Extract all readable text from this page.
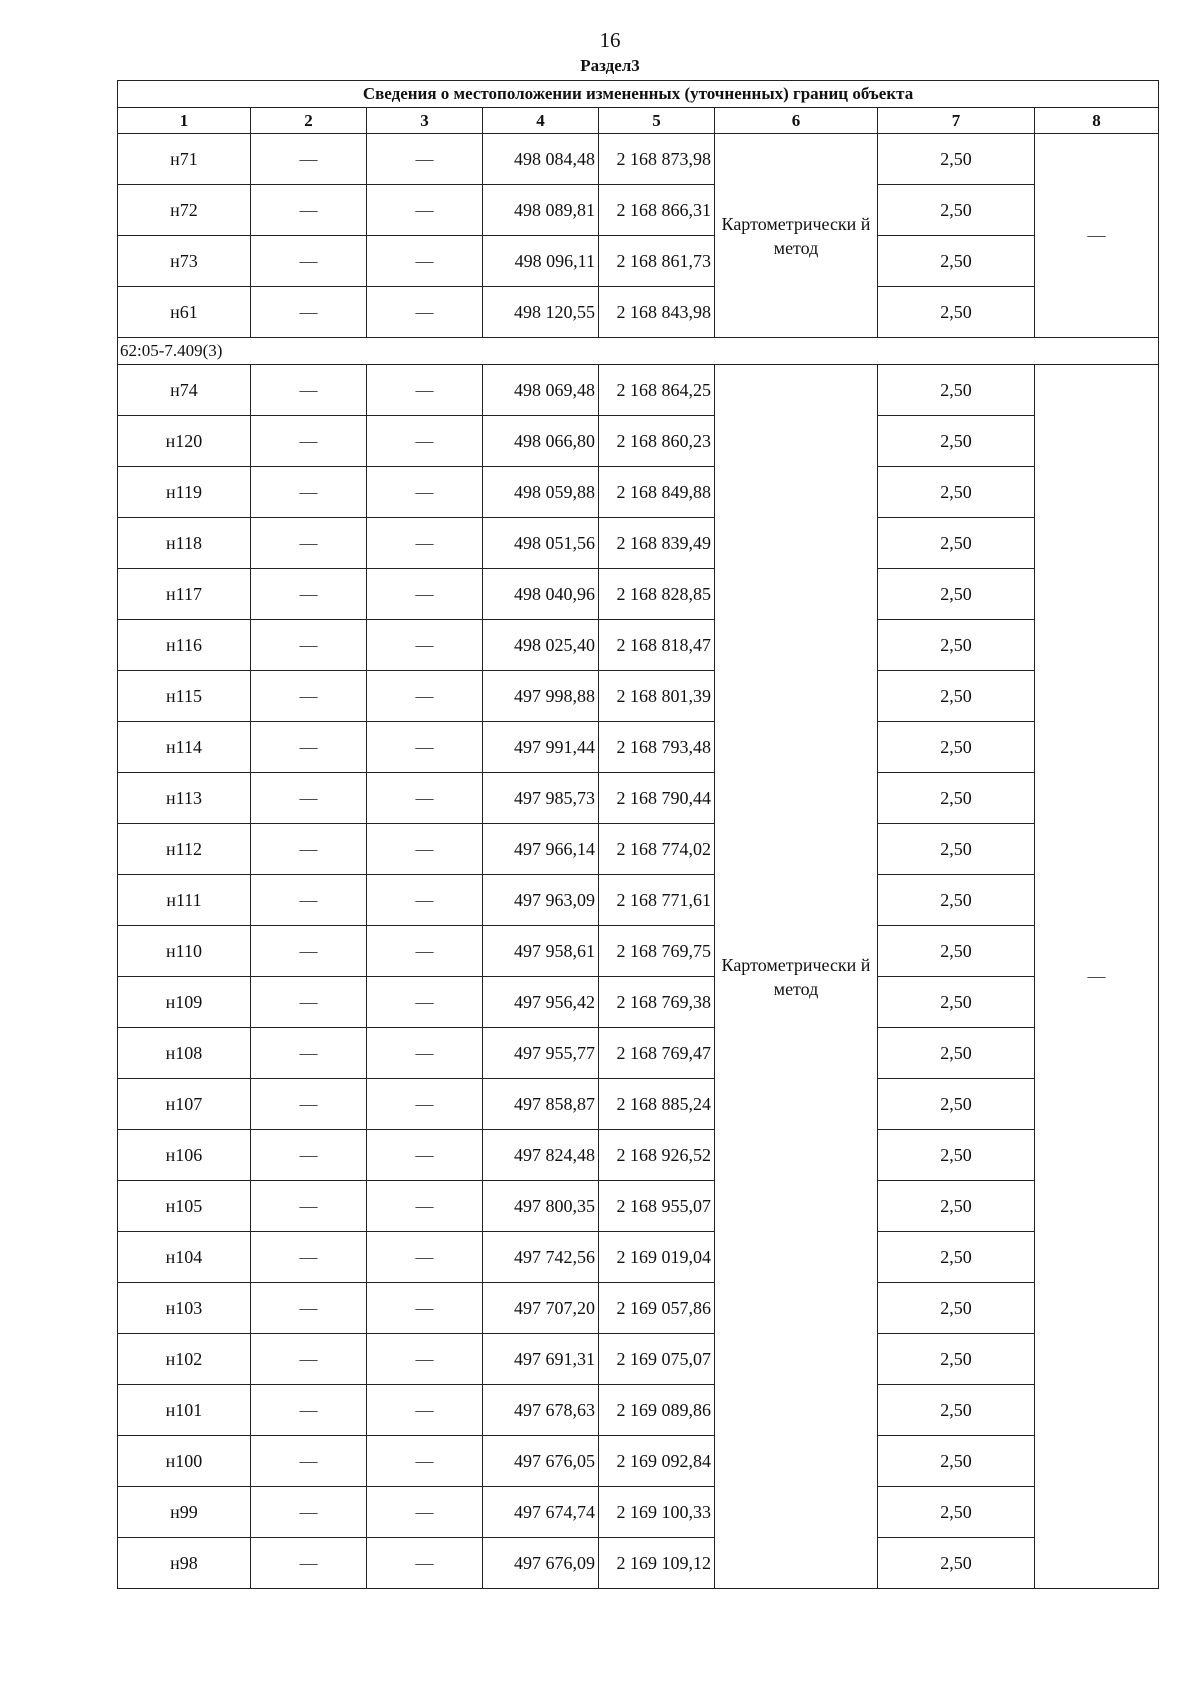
16
Раздел3
Сведения о местоположении измененных (уточненных) границ объекта							
1	2	3	4	5	6	7	8
н71	—	—	498 084,48	2 168 873,98	Картометрически й метод	2,50	—
н72	—	—	498 089,81	2 168 866,31		2,50	
н73	—	—	498 096,11	2 168 861,73		2,50	
н61	—	—	498 120,55	2 168 843,98		2,50	
62:05-7.409(3)							
н74	—	—	498 069,48	2 168 864,25	Картометрически й метод	2,50	—
н120	—	—	498 066,80	2 168 860,23		2,50	
н119	—	—	498 059,88	2 168 849,88		2,50	
н118	—	—	498 051,56	2 168 839,49		2,50	
н117	—	—	498 040,96	2 168 828,85		2,50	
н116	—	—	498 025,40	2 168 818,47		2,50	
н115	—	—	497 998,88	2 168 801,39		2,50	
н114	—	—	497 991,44	2 168 793,48		2,50	
н113	—	—	497 985,73	2 168 790,44		2,50	
н112	—	—	497 966,14	2 168 774,02		2,50	
н111	—	—	497 963,09	2 168 771,61		2,50	
н110	—	—	497 958,61	2 168 769,75		2,50	
н109	—	—	497 956,42	2 168 769,38		2,50	
н108	—	—	497 955,77	2 168 769,47		2,50	
н107	—	—	497 858,87	2 168 885,24		2,50	
н106	—	—	497 824,48	2 168 926,52		2,50	
н105	—	—	497 800,35	2 168 955,07		2,50	
н104	—	—	497 742,56	2 169 019,04		2,50	
н103	—	—	497 707,20	2 169 057,86		2,50	
н102	—	—	497 691,31	2 169 075,07		2,50	
н101	—	—	497 678,63	2 169 089,86		2,50	
н100	—	—	497 676,05	2 169 092,84		2,50	
н99	—	—	497 674,74	2 169 100,33		2,50	
н98	—	—	497 676,09	2 169 109,12		2,50	
